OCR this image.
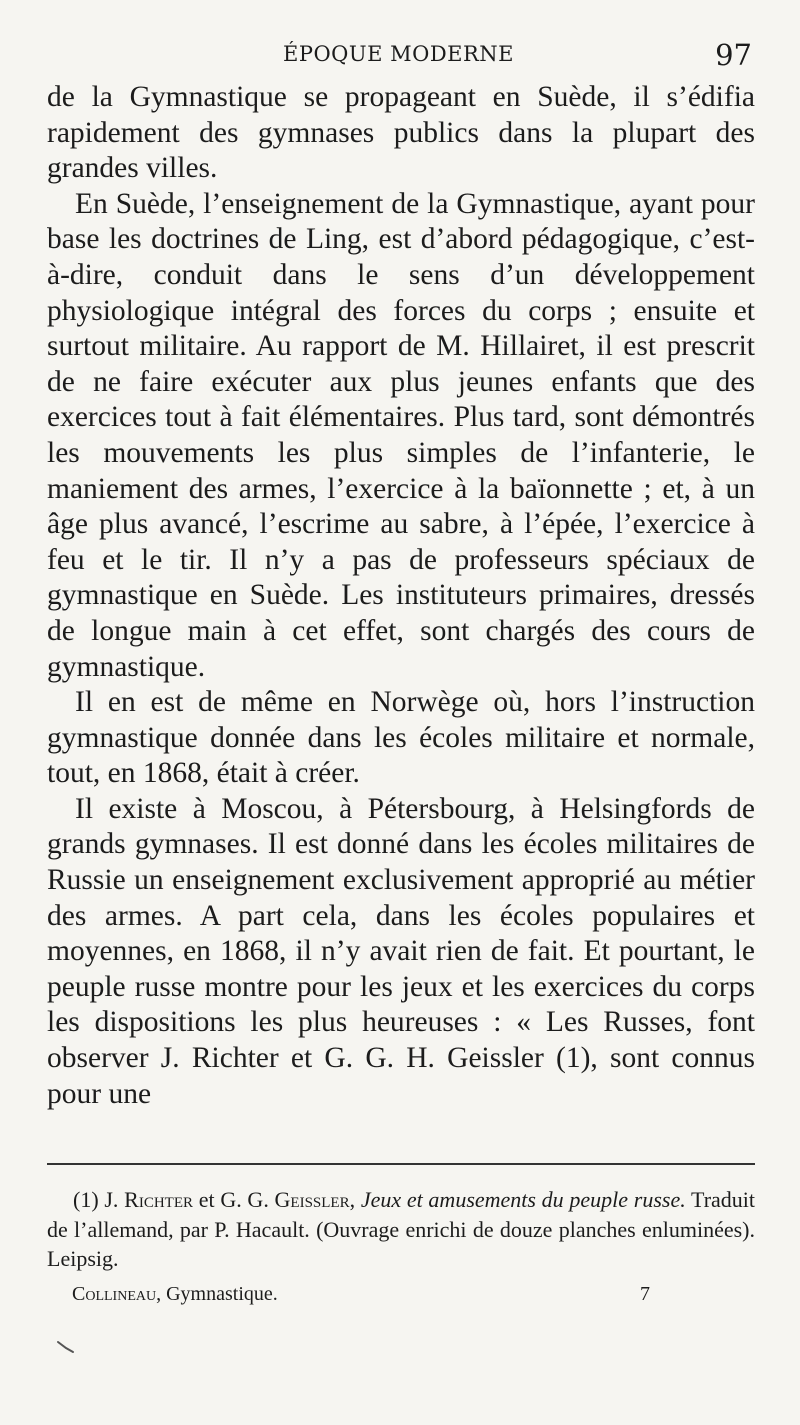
ÉPOQUE MODERNE	97

de la Gymnastique se propageant en Suède, il s’édifia rapidement des gymnases publics dans la plupart des grandes villes.

En Suède, l’enseignement de la Gymnastique, ayant pour base les doctrines de Ling, est d’abord pédagogique, c’est-à-dire, conduit dans le sens d’un développement physiologique intégral des forces du corps ; ensuite et surtout militaire. Au rapport de M. Hillairet, il est prescrit de ne faire exécuter aux plus jeunes enfants que des exercices tout à fait élémentaires. Plus tard, sont démontrés les mouvements les plus simples de l’infanterie, le maniement des armes, l’exercice à la baïonnette ; et, à un âge plus avancé, l’escrime au sabre, à l’épée, l’exercice à feu et le tir. Il n’y a pas de professeurs spéciaux de gymnastique en Suède. Les instituteurs primaires, dressés de longue main à cet effet, sont chargés des cours de gymnastique.

Il en est de même en Norwège où, hors l’instruction gymnastique donnée dans les écoles militaire et normale, tout, en 1868, était à créer.

Il existe à Moscou, à Pétersbourg, à Helsingfords de grands gymnases. Il est donné dans les écoles militaires de Russie un enseignement exclusivement approprié au métier des armes. A part cela, dans les écoles populaires et moyennes, en 1868, il n’y avait rien de fait. Et pourtant, le peuple russe montre pour les jeux et les exercices du corps les dispositions les plus heureuses : « Les Russes, font observer J. Richter et G. G. H. Geissler (1), sont connus pour une

(1) J. Richter et G. G. Geissler, Jeux et amusements du peuple russe. Traduit de l’allemand, par P. Hacault. (Ouvrage enrichi de douze planches enluminées). Leipsig.
Collineau, Gymnastique.	7
